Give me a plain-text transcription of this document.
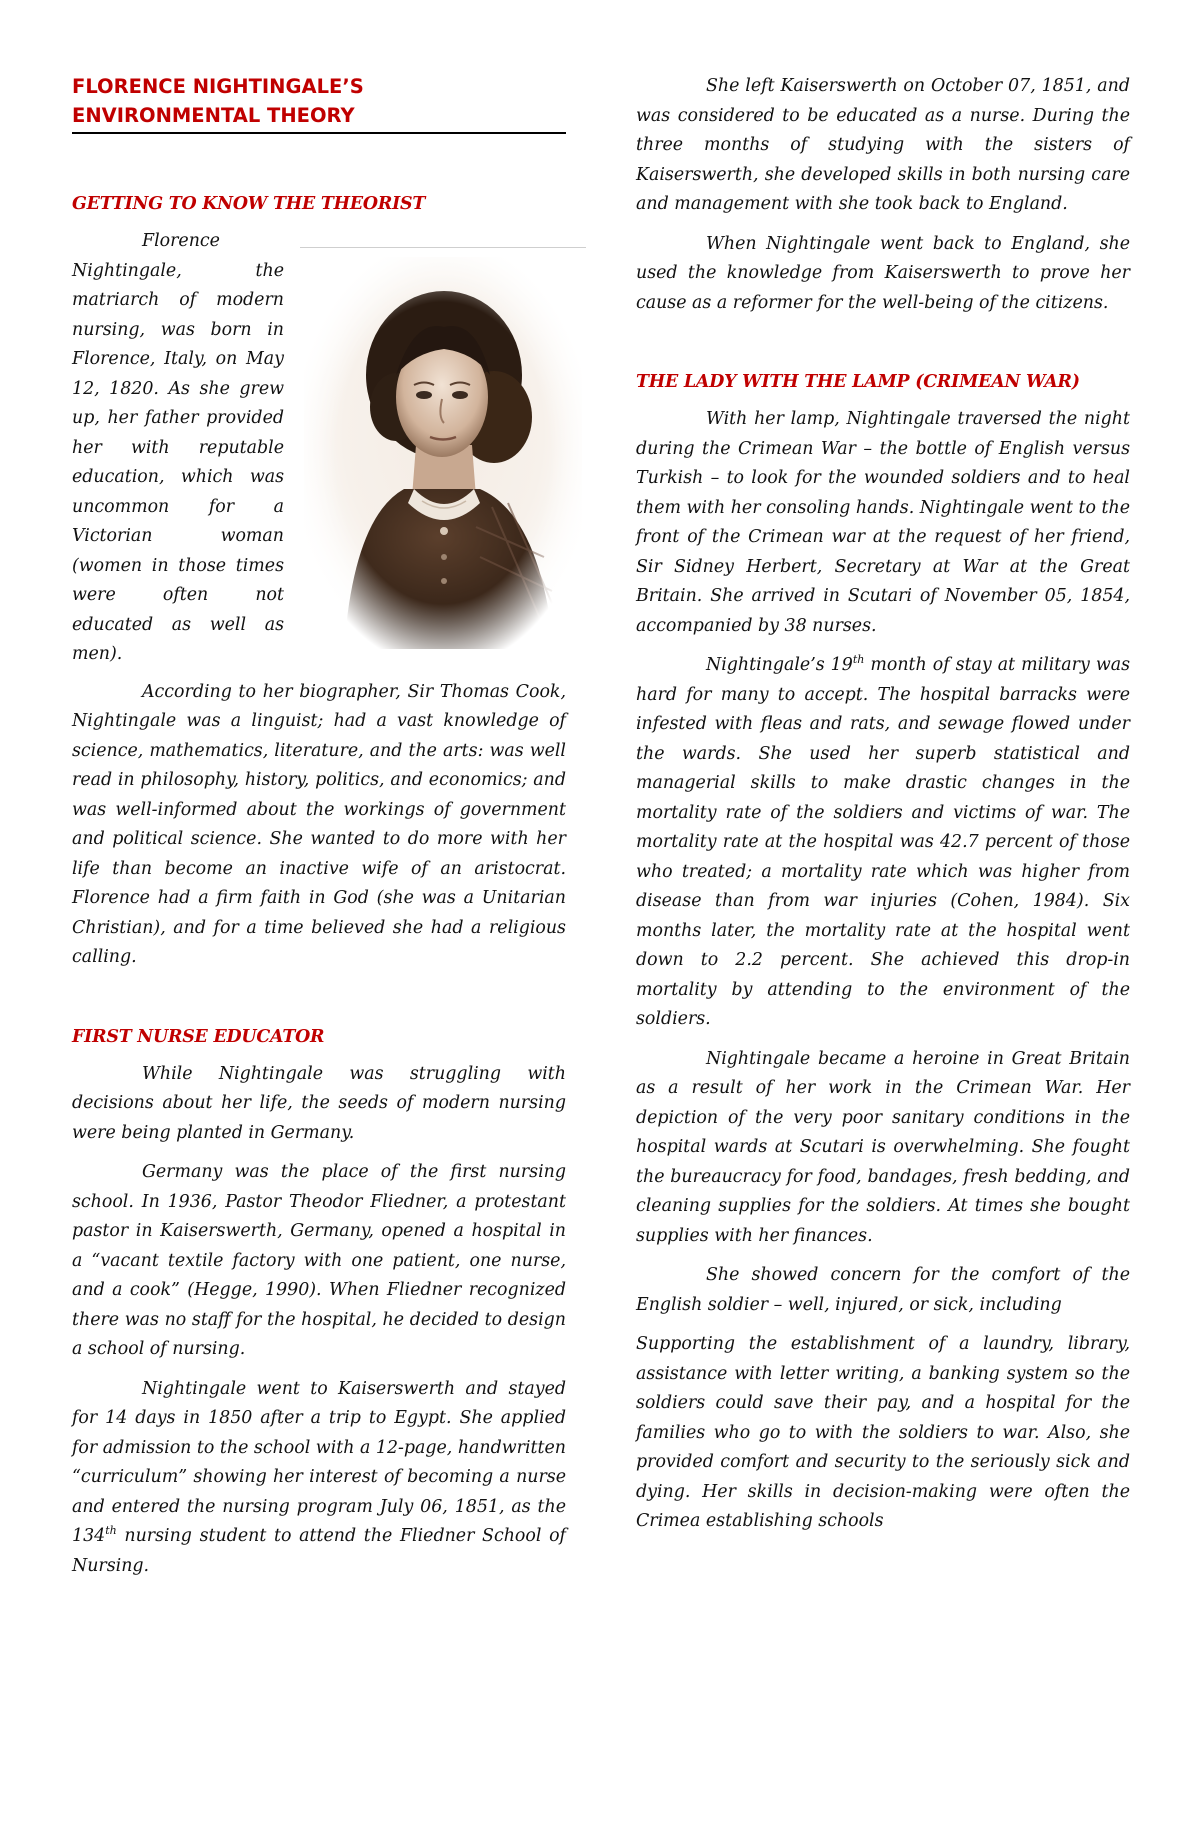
FLORENCE NIGHTINGALE’S
ENVIRONMENTAL THEORY
GETTING TO KNOW THE THEORIST

Florence Nightingale, the matriarch of modern nursing, was born in Florence, Italy, on May 12, 1820. As she grew up, her father provided her with reputable education, which was uncommon for a Victorian woman (women in those times were often not educated as well as men).

According to her biographer, Sir Thomas Cook, Nightingale was a linguist; had a vast knowledge of science, mathematics, literature, and the arts: was well read in philosophy, history, politics, and economics; and was well-informed about the workings of government and political science. She wanted to do more with her life than become an inactive wife of an aristocrat. Florence had a firm faith in God (she was a Unitarian Christian), and for a time believed she had a religious calling.

FIRST NURSE EDUCATOR

While Nightingale was struggling with decisions about her life, the seeds of modern nursing were being planted in Germany.

Germany was the place of the first nursing school. In 1936, Pastor Theodor Fliedner, a protestant pastor in Kaiserswerth, Germany, opened a hospital in a “vacant textile factory with one patient, one nurse, and a cook” (Hegge, 1990). When Fliedner recognized there was no staff for the hospital, he decided to design a school of nursing.

Nightingale went to Kaiserswerth and stayed for 14 days in 1850 after a trip to Egypt. She applied for admission to the school with a 12-page, handwritten “curriculum” showing her interest of becoming a nurse and entered the nursing program July 06, 1851, as the 134th nursing student to attend the Fliedner School of Nursing.

She left Kaiserswerth on October 07, 1851, and was considered to be educated as a nurse. During the three months of studying with the sisters of Kaiserswerth, she developed skills in both nursing care and management with she took back to England.

When Nightingale went back to England, she used the knowledge from Kaiserswerth to prove her cause as a reformer for the well-being of the citizens.

THE LADY WITH THE LAMP (CRIMEAN WAR)

With her lamp, Nightingale traversed the night during the Crimean War – the bottle of English versus Turkish – to look for the wounded soldiers and to heal them with her consoling hands. Nightingale went to the front of the Crimean war at the request of her friend, Sir Sidney Herbert, Secretary at War at the Great Britain. She arrived in Scutari of November 05, 1854, accompanied by 38 nurses.

Nightingale’s 19th month of stay at military was hard for many to accept. The hospital barracks were infested with fleas and rats, and sewage flowed under the wards. She used her superb statistical and managerial skills to make drastic changes in the mortality rate of the soldiers and victims of war. The mortality rate at the hospital was 42.7 percent of those who treated; a mortality rate which was higher from disease than from war injuries (Cohen, 1984). Six months later, the mortality rate at the hospital went down to 2.2 percent. She achieved this drop-in mortality by attending to the environment of the soldiers.

Nightingale became a heroine in Great Britain as a result of her work in the Crimean War. Her depiction of the very poor sanitary conditions in the hospital wards at Scutari is overwhelming. She fought the bureaucracy for food, bandages, fresh bedding, and cleaning supplies for the soldiers. At times she bought supplies with her finances.

She showed concern for the comfort of the English soldier – well, injured, or sick, including

Supporting the establishment of a laundry, library, assistance with letter writing, a banking system so the soldiers could save their pay, and a hospital for the families who go to with the soldiers to war. Also, she provided comfort and security to the seriously sick and dying. Her skills in decision-making were often the Crimea establishing schools
